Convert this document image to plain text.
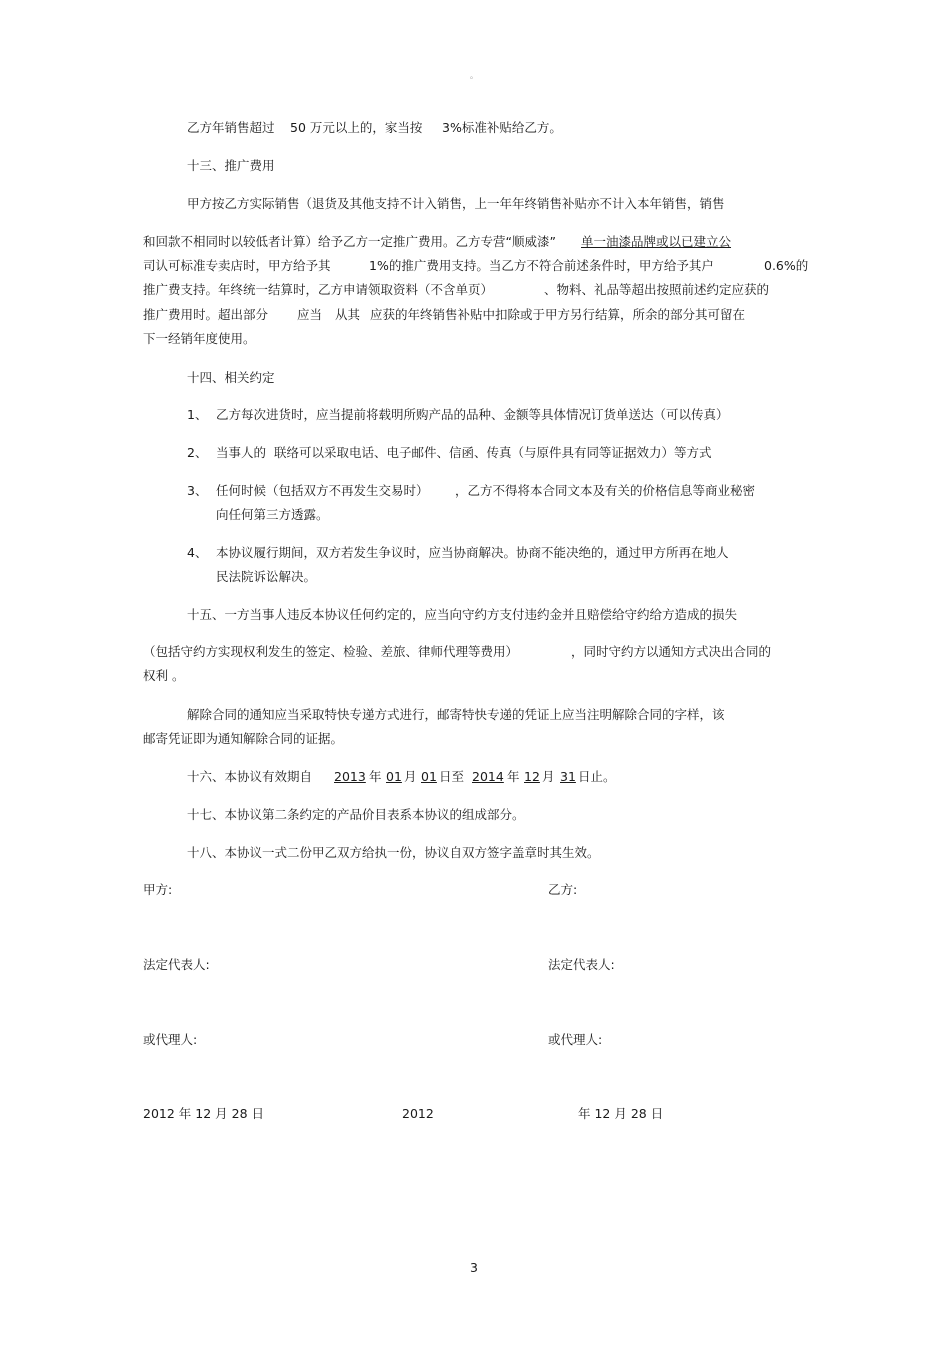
。
乙方年销售超过 50 万元以上的，家当按 3%标准补贴给乙方。
十三、推广费用
甲方按乙方实际销售（退货及其他支持不计入销售，上一年年终销售补贴亦不计入本年销售，销售
和回款不相同时以较低者计算）给予乙方一定推广费用。乙方专营“顺威漆” 单一油漆品牌或以已建立公
司认可标准专卖店时，甲方给予其	1%的推广费用支持。当乙方不符合前述条件时，甲方给予其户	0.6%的
推广费支持。年终统一结算时，乙方申请领取资料（不含单页）	、物料、礼品等超出按照前述约定应获的
推广费用时。超出部分 应当 从其 应获的年终销售补贴中扣除或于甲方另行结算，所余的部分其可留在
下一经销年度使用。
十四、相关约定
1、 乙方每次进货时，应当提前将载明所购产品的品种、金额等具体情况订货单送达（可以传真）
2、 当事人的 联络可以采取电话、电子邮件、信函、传真（与原件具有同等证据效力）等方式
3、 任何时候（包括双方不再发生交易时） ，乙方不得将本合同文本及有关的价格信息等商业秘密
向任何第三方透露。
4、 本协议履行期间，双方若发生争议时，应当协商解决。协商不能决绝的，通过甲方所再在地人
民法院诉讼解决。
十五、一方当事人违反本协议任何约定的，应当向守约方支付违约金并且赔偿给守约给方造成的损失
（包括守约方实现权利发生的签定、检验、差旅、律师代理等费用）	，同时守约方以通知方式决出合同的
权利 。
解除合同的通知应当采取特快专递方式进行，邮寄特快专递的凭证上应当注明解除合同的字样，该
邮寄凭证即为通知解除合同的证据。
十六、本协议有效期自 2013 年 01 月 01 日至 2014 年 12 月 31 日止。
十七、本协议第二条约定的产品价目表系本协议的组成部分。
十八、本协议一式二份甲乙双方给执一份，协议自双方签字盖章时其生效。
甲方:	乙方:
法定代表人:	法定代表人:
或代理人:	或代理人:
2012 年 12 月 28 日	2012	年 12 月 28 日
3
